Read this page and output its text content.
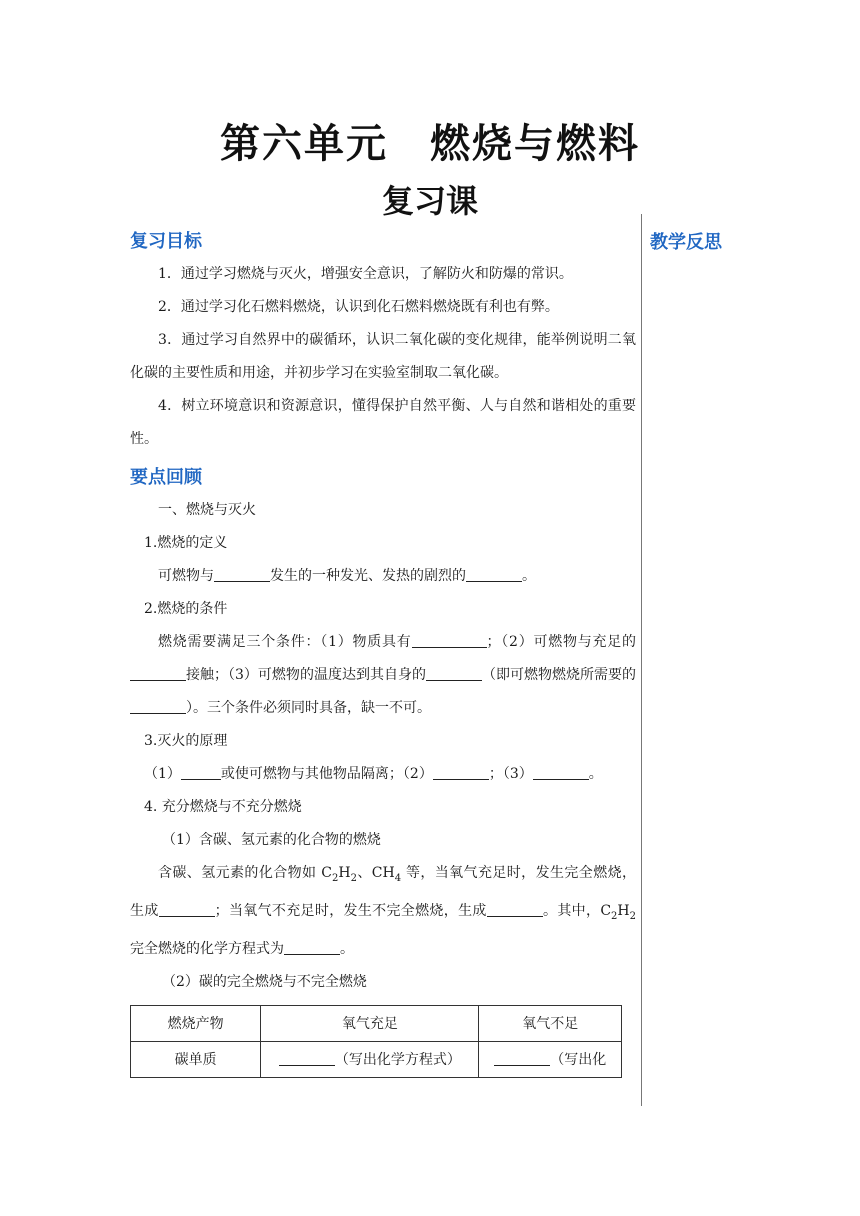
第六单元　燃烧与燃料
复习课
教学反思
复习目标

1．通过学习燃烧与灭火，增强安全意识，了解防火和防爆的常识。

2．通过学习化石燃料燃烧，认识到化石燃料燃烧既有利也有弊。

3．通过学习自然界中的碳循环，认识二氧化碳的变化规律，能举例说明二氧化碳的主要性质和用途，并初步学习在实验室制取二氧化碳。

4．树立环境意识和资源意识，懂得保护自然平衡、人与自然和谐相处的重要性。

要点回顾

一、燃烧与灭火

1.燃烧的定义

可燃物与	发生的一种发光、发热的剧烈的	。

2.燃烧的条件

燃烧需要满足三个条件：（1）物质具有	；（2）可燃物与充足的接触；（3）可燃物的温度达到其自身的	（即可燃物燃烧所需要的）。三个条件必须同时具备，缺一不可。

3.灭火的原理

（1）	或使可燃物与其他物品隔离；（2）	；（3）	。

4. 充分燃烧与不充分燃烧

（1）含碳、氢元素的化合物的燃烧

含碳、氢元素的化合物如 $C_2H_2$、$CH_4$ 等，当氧气充足时，发生完全燃烧，生成	；当氧气不充足时，发生不完全燃烧，生成	。其中，$C_2H_2$ 完全燃烧的化学方程式为	。

（2）碳的完全燃烧与不完全燃烧

燃烧产物	氧气充足	氧气不足
碳单质	（写出化学方程式）	（写出化
